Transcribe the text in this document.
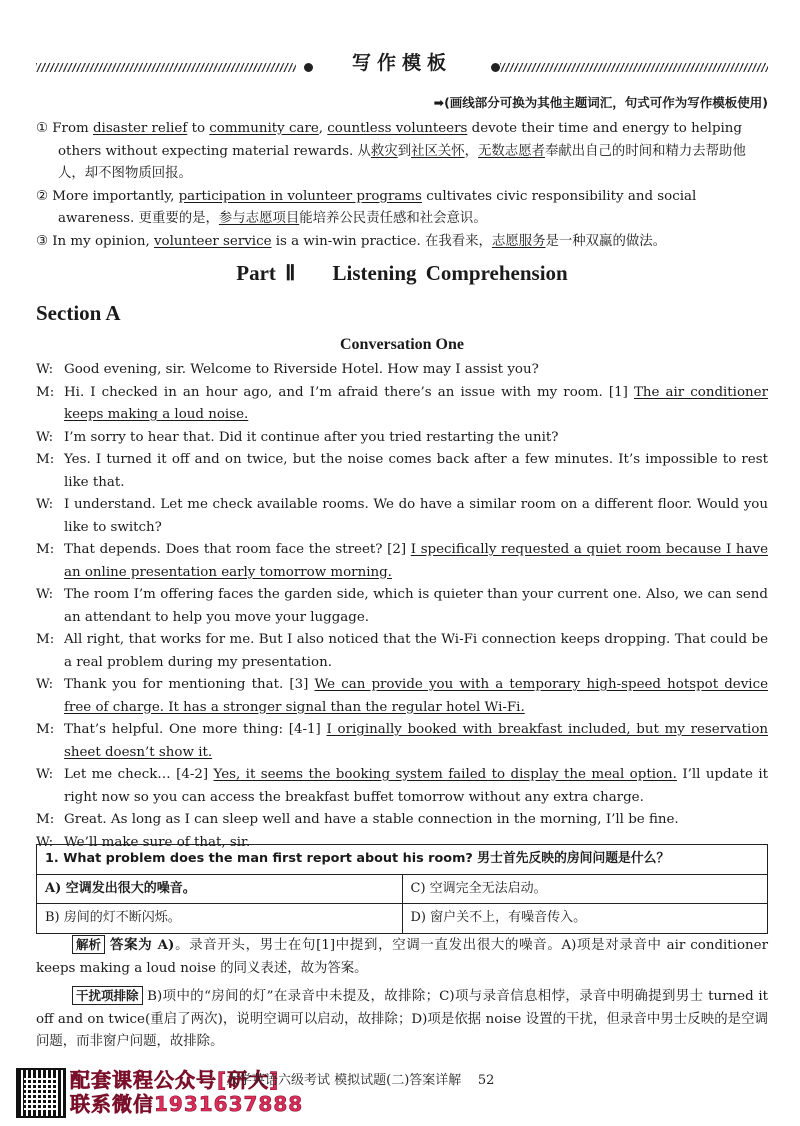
写作模板
➡(画线部分可换为其他主题词汇，句式可作为写作模板使用)

① From disaster relief to community care, countless volunteers devote their time and energy to helping others without expecting material rewards. 从救灾到社区关怀，无数志愿者奉献出自己的时间和精力去帮助他人，却不图物质回报。

② More importantly, participation in volunteer programs cultivates civic responsibility and social awareness. 更重要的是，参与志愿项目能培养公民责任感和社会意识。

③ In my opinion, volunteer service is a win-win practice. 在我看来，志愿服务是一种双赢的做法。

Part Ⅱ    Listening Comprehension
Section A
Conversation One
W: Good evening, sir. Welcome to Riverside Hotel. How may I assist you?
M: Hi. I checked in an hour ago, and I’m afraid there’s an issue with my room. [1] The air conditioner keeps making a loud noise.
W: I’m sorry to hear that. Did it continue after you tried restarting the unit?
M: Yes. I turned it off and on twice, but the noise comes back after a few minutes. It’s impossible to rest like that.
W: I understand. Let me check available rooms. We do have a similar room on a different floor. Would you like to switch?
M: That depends. Does that room face the street? [2] I specifically requested a quiet room because I have an online presentation early tomorrow morning.
W: The room I’m offering faces the garden side, which is quieter than your current one. Also, we can send an attendant to help you move your luggage.
M: All right, that works for me. But I also noticed that the Wi-Fi connection keeps dropping. That could be a real problem during my presentation.
W: Thank you for mentioning that. [3] We can provide you with a temporary high-speed hotspot device free of charge. It has a stronger signal than the regular hotel Wi-Fi.
M: That’s helpful. One more thing: [4-1] I originally booked with breakfast included, but my reservation sheet doesn’t show it.
W: Let me check… [4-2] Yes, it seems the booking system failed to display the meal option. I’ll update it right now so you can access the breakfast buffet tomorrow without any extra charge.
M: Great. As long as I can sleep well and have a stable connection in the morning, I’ll be fine.
W: We’ll make sure of that, sir.
1. What problem does the man first report about his room? 男士首先反映的房间问题是什么？	
A) 空调发出很大的噪音。	C) 空调完全无法启动。
B) 房间的灯不断闪烁。	D) 窗户关不上，有噪音传入。

解析 答案为 A)。录音开头，男士在句[1]中提到，空调一直发出很大的噪音。A)项是对录音中 air conditioner keeps making a loud noise 的同义表述，故为答案。

干扰项排除 B)项中的“房间的灯”在录音中未提及，故排除；C)项与录音信息相悖，录音中明确提到男士 turned it off and on twice(重启了两次)，说明空调可以启动，故排除；D)项是依据 noise 设置的干扰，但录音中男士反映的是空调问题，而非窗户问题，故排除。

配套课程公众号[研大]
联系微信1931637888
大学英语六级考试 模拟试题(二)答案详解 52
